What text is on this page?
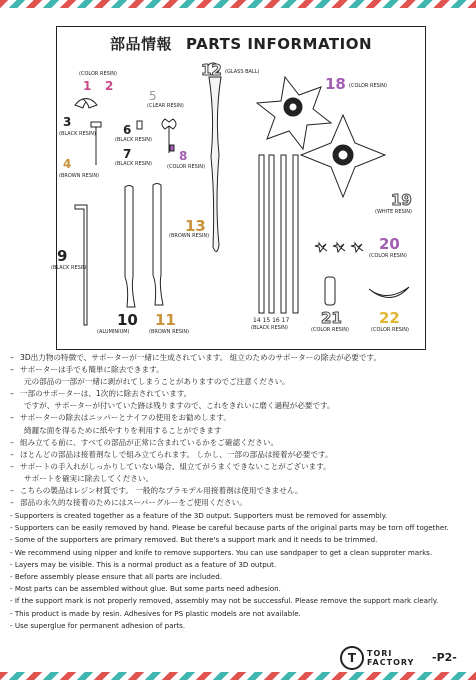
部品情報 PARTS INFORMATION
(COLOR RESIN)
1 2
3
(BLACK RESIN)
4
(BROWN RESIN)
5
(CLEAR RESIN)
6
(BLACK RESIN)
7
(BLACK RESIN)
8
(COLOR RESIN)
9
(BLACK RESIN)
10
(ALUMINIUM)
11
(BROWN RESIN)
12 (GLASS BALL)
13
(BROWN RESIN)
14 15 16 17
(BLACK RESIN)
18 (COLOR RESIN)
19
(WHITE RESIN)
20
(COLOR RESIN)
21
(COLOR RESIN)
22
(COLOR RESIN)
– 3D出力物の特徴で、サポーターが一緒に生成されています。 組立のためのサポーターの除去が必要です。
– サポーターは手でも簡単に除去できます。
元の部品の一部が一緒に剥がれてしまうことがありますのでご注意ください。
– 一部のサポーターは、1次的に除去されています。
ですが、サポーターが付いていた跡は残りますので、これをきれいに磨く過程が必要です。
– サポーターの除去はニッパーとナイフの使用をお勧めします。
綺麗な面を得るために紙やすりを利用することができます
– 組み立てる前に、すべての部品が正常に含まれているかをご確認ください。
– ほとんどの部品は接着剤なしで組み立てられます。 しかし、一部の部品は接着が必要です。
– サポートの手入れがしっかりしていない場合、組立てがうまくできないことがございます。
サポートを確実に除去してください。
– こちらの製品はレジン材質です。 一般的なプラモデル用接着剤は使用できません。
– 部品の永久的な接着のためにはスーパーグルーをご使用ください。
- Supporters is created together as a feature of the 3D output. Supporters must be removed for assembly.
- Supporters can be easily removed by hand. Please be careful because parts of the original parts may be torn off together.
- Some of the supporters are primary removed. But there's a support mark and it needs to be trimmed.
- We recommend using nipper and knife to remove supporters. You can use sandpaper to get a clean supproter marks.
- Layers may be visible. This is a normal product as a feature of 3D output.
- Before assembly please ensure that all parts are included.
- Most parts can be assembled without glue. But some parts need adhesion.
- If the support mark is not properly removed, assembly may not be successful. Please remove the support mark clearly.
- This product is made by resin. Adhesives for PS plastic models are not available.
- Use superglue for permanent adhesion of parts.
T	TORI
FACTORY -P2-
